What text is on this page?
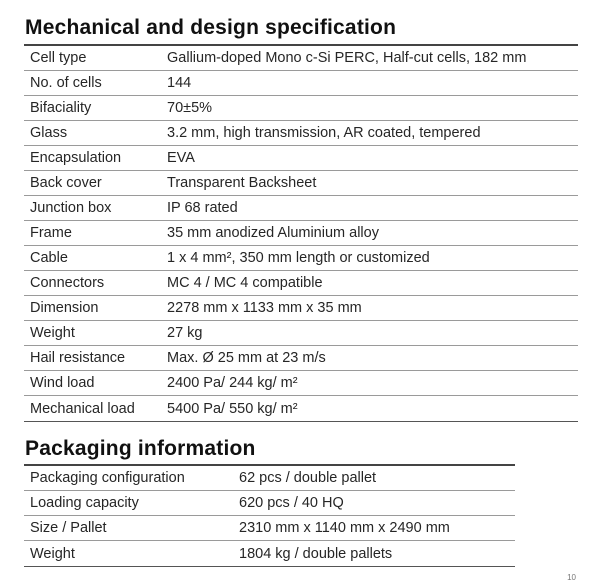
Mechanical and design specification
Cell type	Gallium-doped Mono c-Si PERC, Half-cut cells, 182 mm
No. of cells	144
Bifaciality	70±5%
Glass	3.2 mm, high transmission, AR coated, tempered
Encapsulation	EVA
Back cover	Transparent Backsheet
Junction box	IP 68 rated
Frame	35 mm anodized Aluminium alloy
Cable	1 x 4 mm², 350 mm length or customized
Connectors	MC 4 / MC 4 compatible
Dimension	2278 mm x 1133 mm x 35 mm
Weight	27 kg
Hail resistance	Max. Ø 25 mm at 23 m/s
Wind load	2400 Pa/ 244 kg/ m²
Mechanical load	5400 Pa/ 550 kg/ m²
Packaging information
Packaging configuration	62 pcs / double pallet
Loading capacity	620 pcs / 40 HQ
Size / Pallet	2310 mm x 1140 mm x 2490 mm
Weight	1804 kg / double pallets
10
